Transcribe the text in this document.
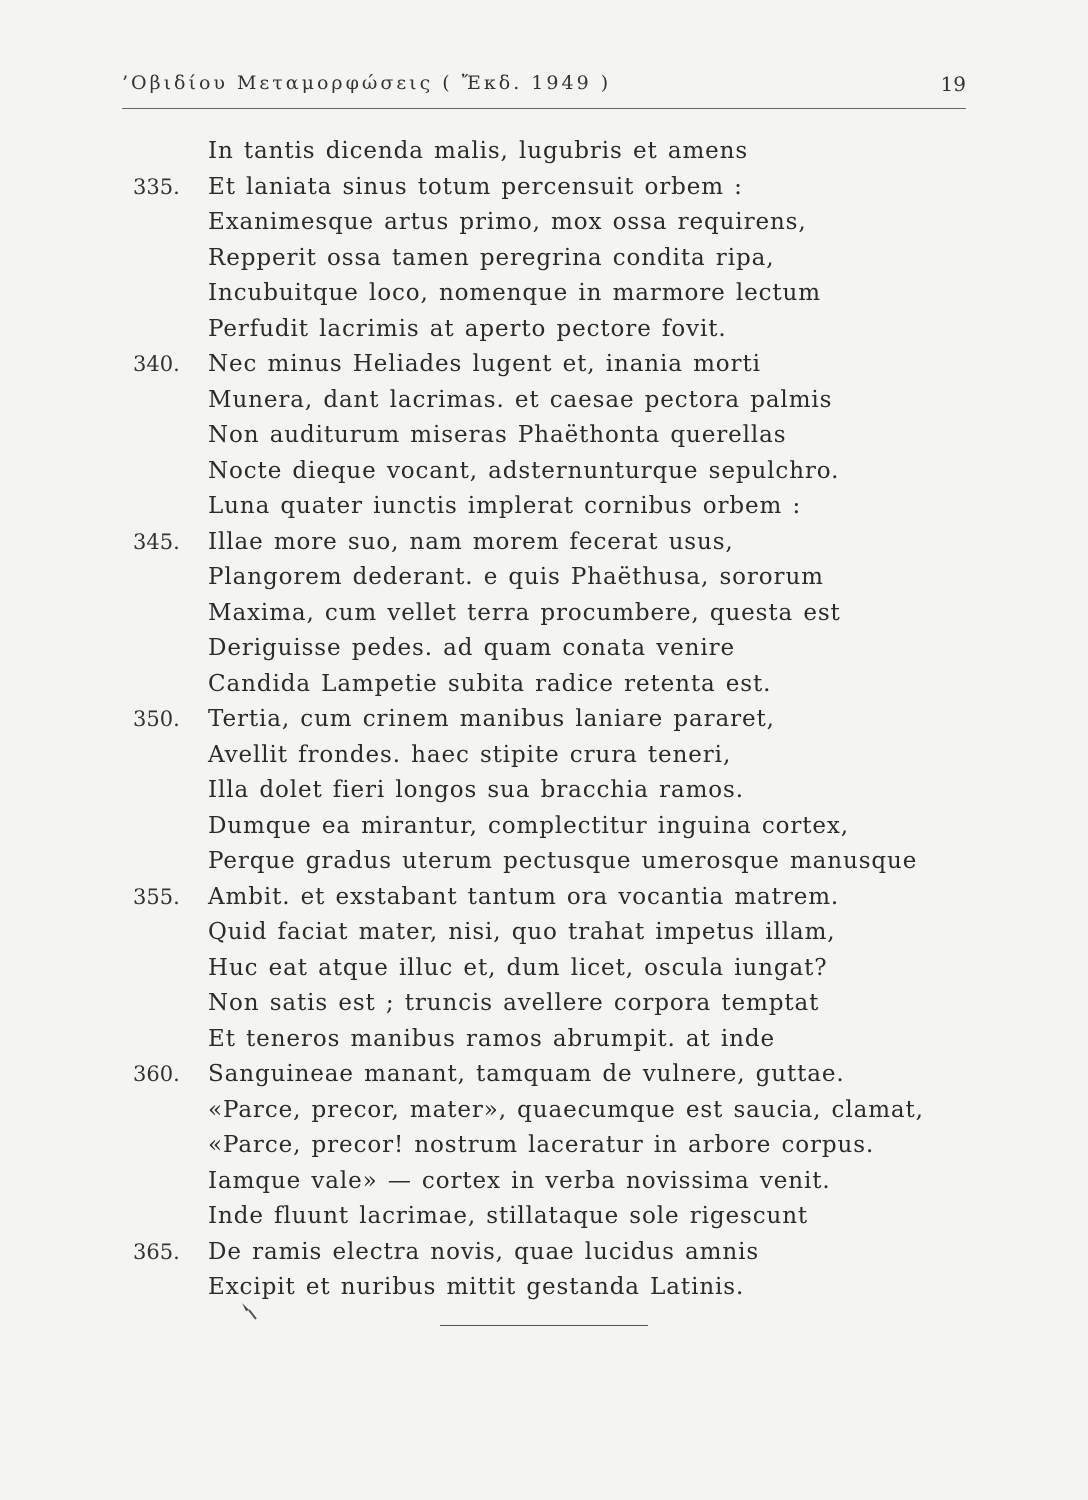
’Οβιδίου Μεταμορφώσεις ( Ἔκδ. 1949 )	19
In tantis dicenda malis, lugubris et amens
335.	Et laniata sinus totum percensuit orbem :
Exanimesque artus primo, mox ossa requirens,
Repperit ossa tamen peregrina condita ripa,
Incubuitque loco, nomenque in marmore lectum
Perfudit lacrimis at aperto pectore fovit.
340.	Nec minus Heliades lugent et, inania morti
Munera, dant lacrimas. et caesae pectora palmis
Non auditurum miseras Phaëthonta querellas
Nocte dieque vocant, adsternunturque sepulchro.
Luna quater iunctis implerat cornibus orbem :
345.	Illae more suo, nam morem fecerat usus,
Plangorem dederant. e quis Phaëthusa, sororum
Maxima, cum vellet terra procumbere, questa est
Deriguisse pedes. ad quam conata venire
Candida Lampetie subita radice retenta est.
350.	Tertia, cum crinem manibus laniare pararet,
Avellit frondes. haec stipite crura teneri,
Illa dolet fieri longos sua bracchia ramos.
Dumque ea mirantur, complectitur inguina cortex,
Perque gradus uterum pectusque umerosque manusque
355.	Ambit. et exstabant tantum ora vocantia matrem.
Quid faciat mater, nisi, quo trahat impetus illam,
Huc eat atque illuc et, dum licet, oscula iungat?
Non satis est ; truncis avellere corpora temptat
Et teneros manibus ramos abrumpit. at inde
360.	Sanguineae manant, tamquam de vulnere, guttae.
«Parce, precor, mater», quaecumque est saucia, clamat,
«Parce, precor! nostrum laceratur in arbore corpus.
Iamque vale» — cortex in verba novissima venit.
Inde fluunt lacrimae, stillataque sole rigescunt
365.	De ramis electra novis, quae lucidus amnis
Excipit et nuribus mittit gestanda Latinis.
